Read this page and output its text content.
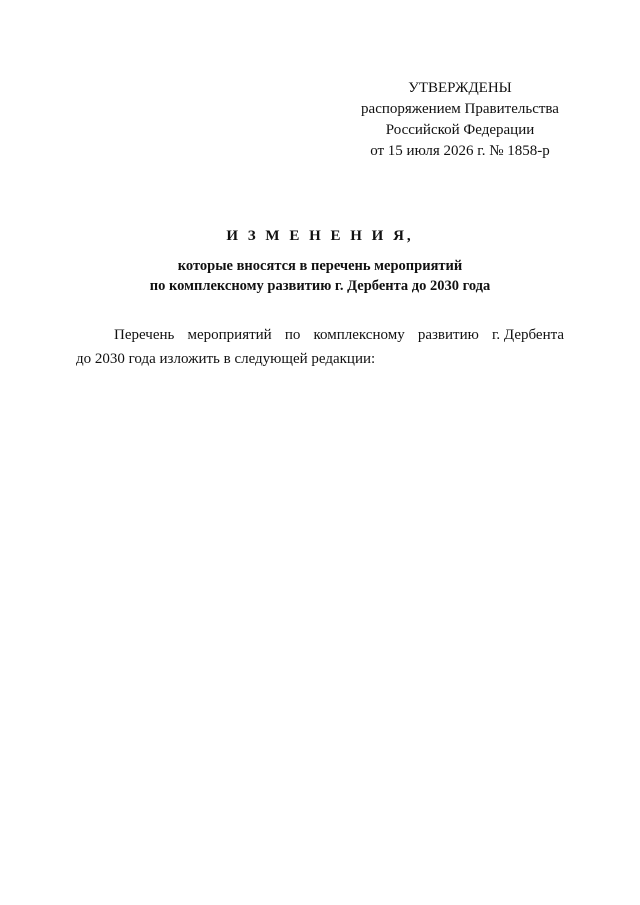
УТВЕРЖДЕНЫ
распоряжением Правительства
Российской Федерации
от 15 июля 2026 г. № 1858-р
И З М Е Н Е Н И Я,
которые вносятся в перечень мероприятий
по комплексному развитию г. Дербента до 2030 года
Перечень мероприятий по комплексному развитию г. Дербента
до 2030 года изложить в следующей редакции:
